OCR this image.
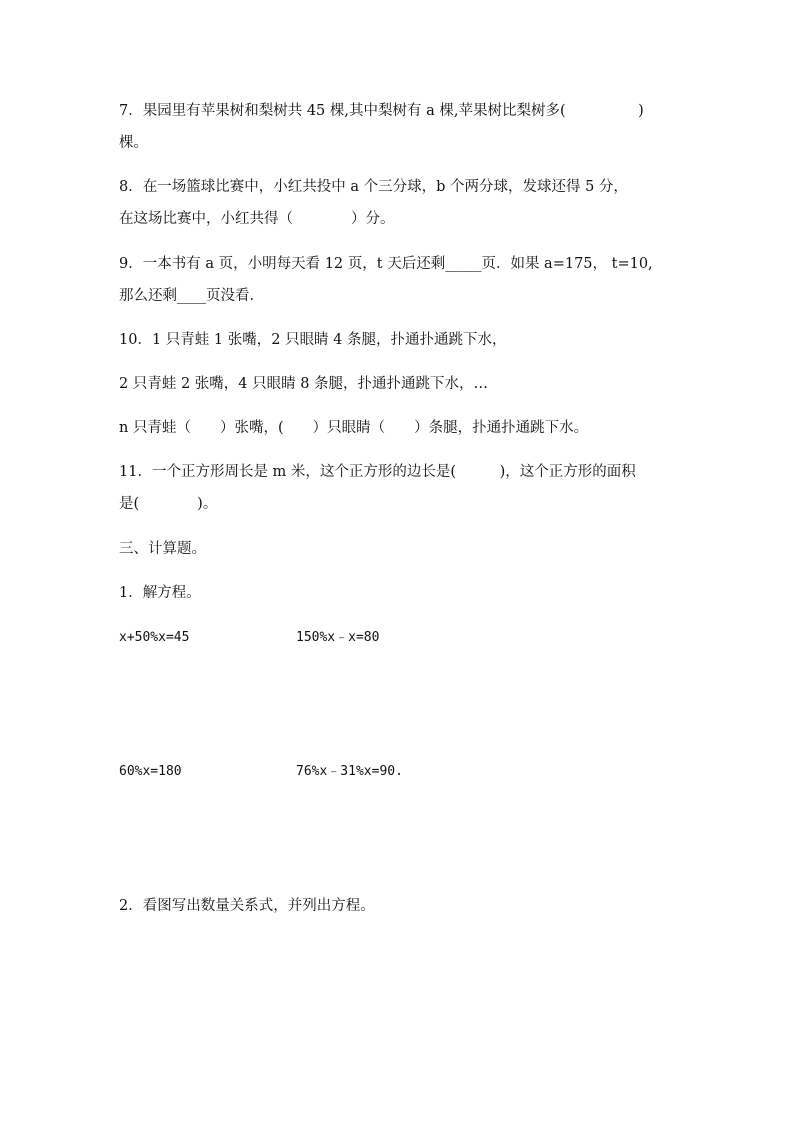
7．果园里有苹果树和梨树共 45 棵,其中梨树有 a 棵,苹果树比梨树多(　　　　　)
棵。
8．在一场篮球比赛中，小红共投中 a 个三分球，b 个两分球，发球还得 5 分，
在这场比赛中，小红共得（　　　　）分。
9．一本书有 a 页，小明每天看 12 页，t 天后还剩_____页．如果 a=175， t=10,
那么还剩____页没看．
10．1 只青蛙 1 张嘴，2 只眼睛 4 条腿，扑通扑通跳下水，
2 只青蛙 2 张嘴，4 只眼睛 8 条腿，扑通扑通跳下水，…
n 只青蛙（　　）张嘴，(　　）只眼睛（　　）条腿，扑通扑通跳下水。
11．一个正方形周长是 m 米，这个正方形的边长是(　　　)，这个正方形的面积
是(　　　　)。
三、计算题。
1．解方程。
x+50%x=45	150%x﹣x=80
60%x=180	76%x﹣31%x=90.
2．看图写出数量关系式，并列出方程。
